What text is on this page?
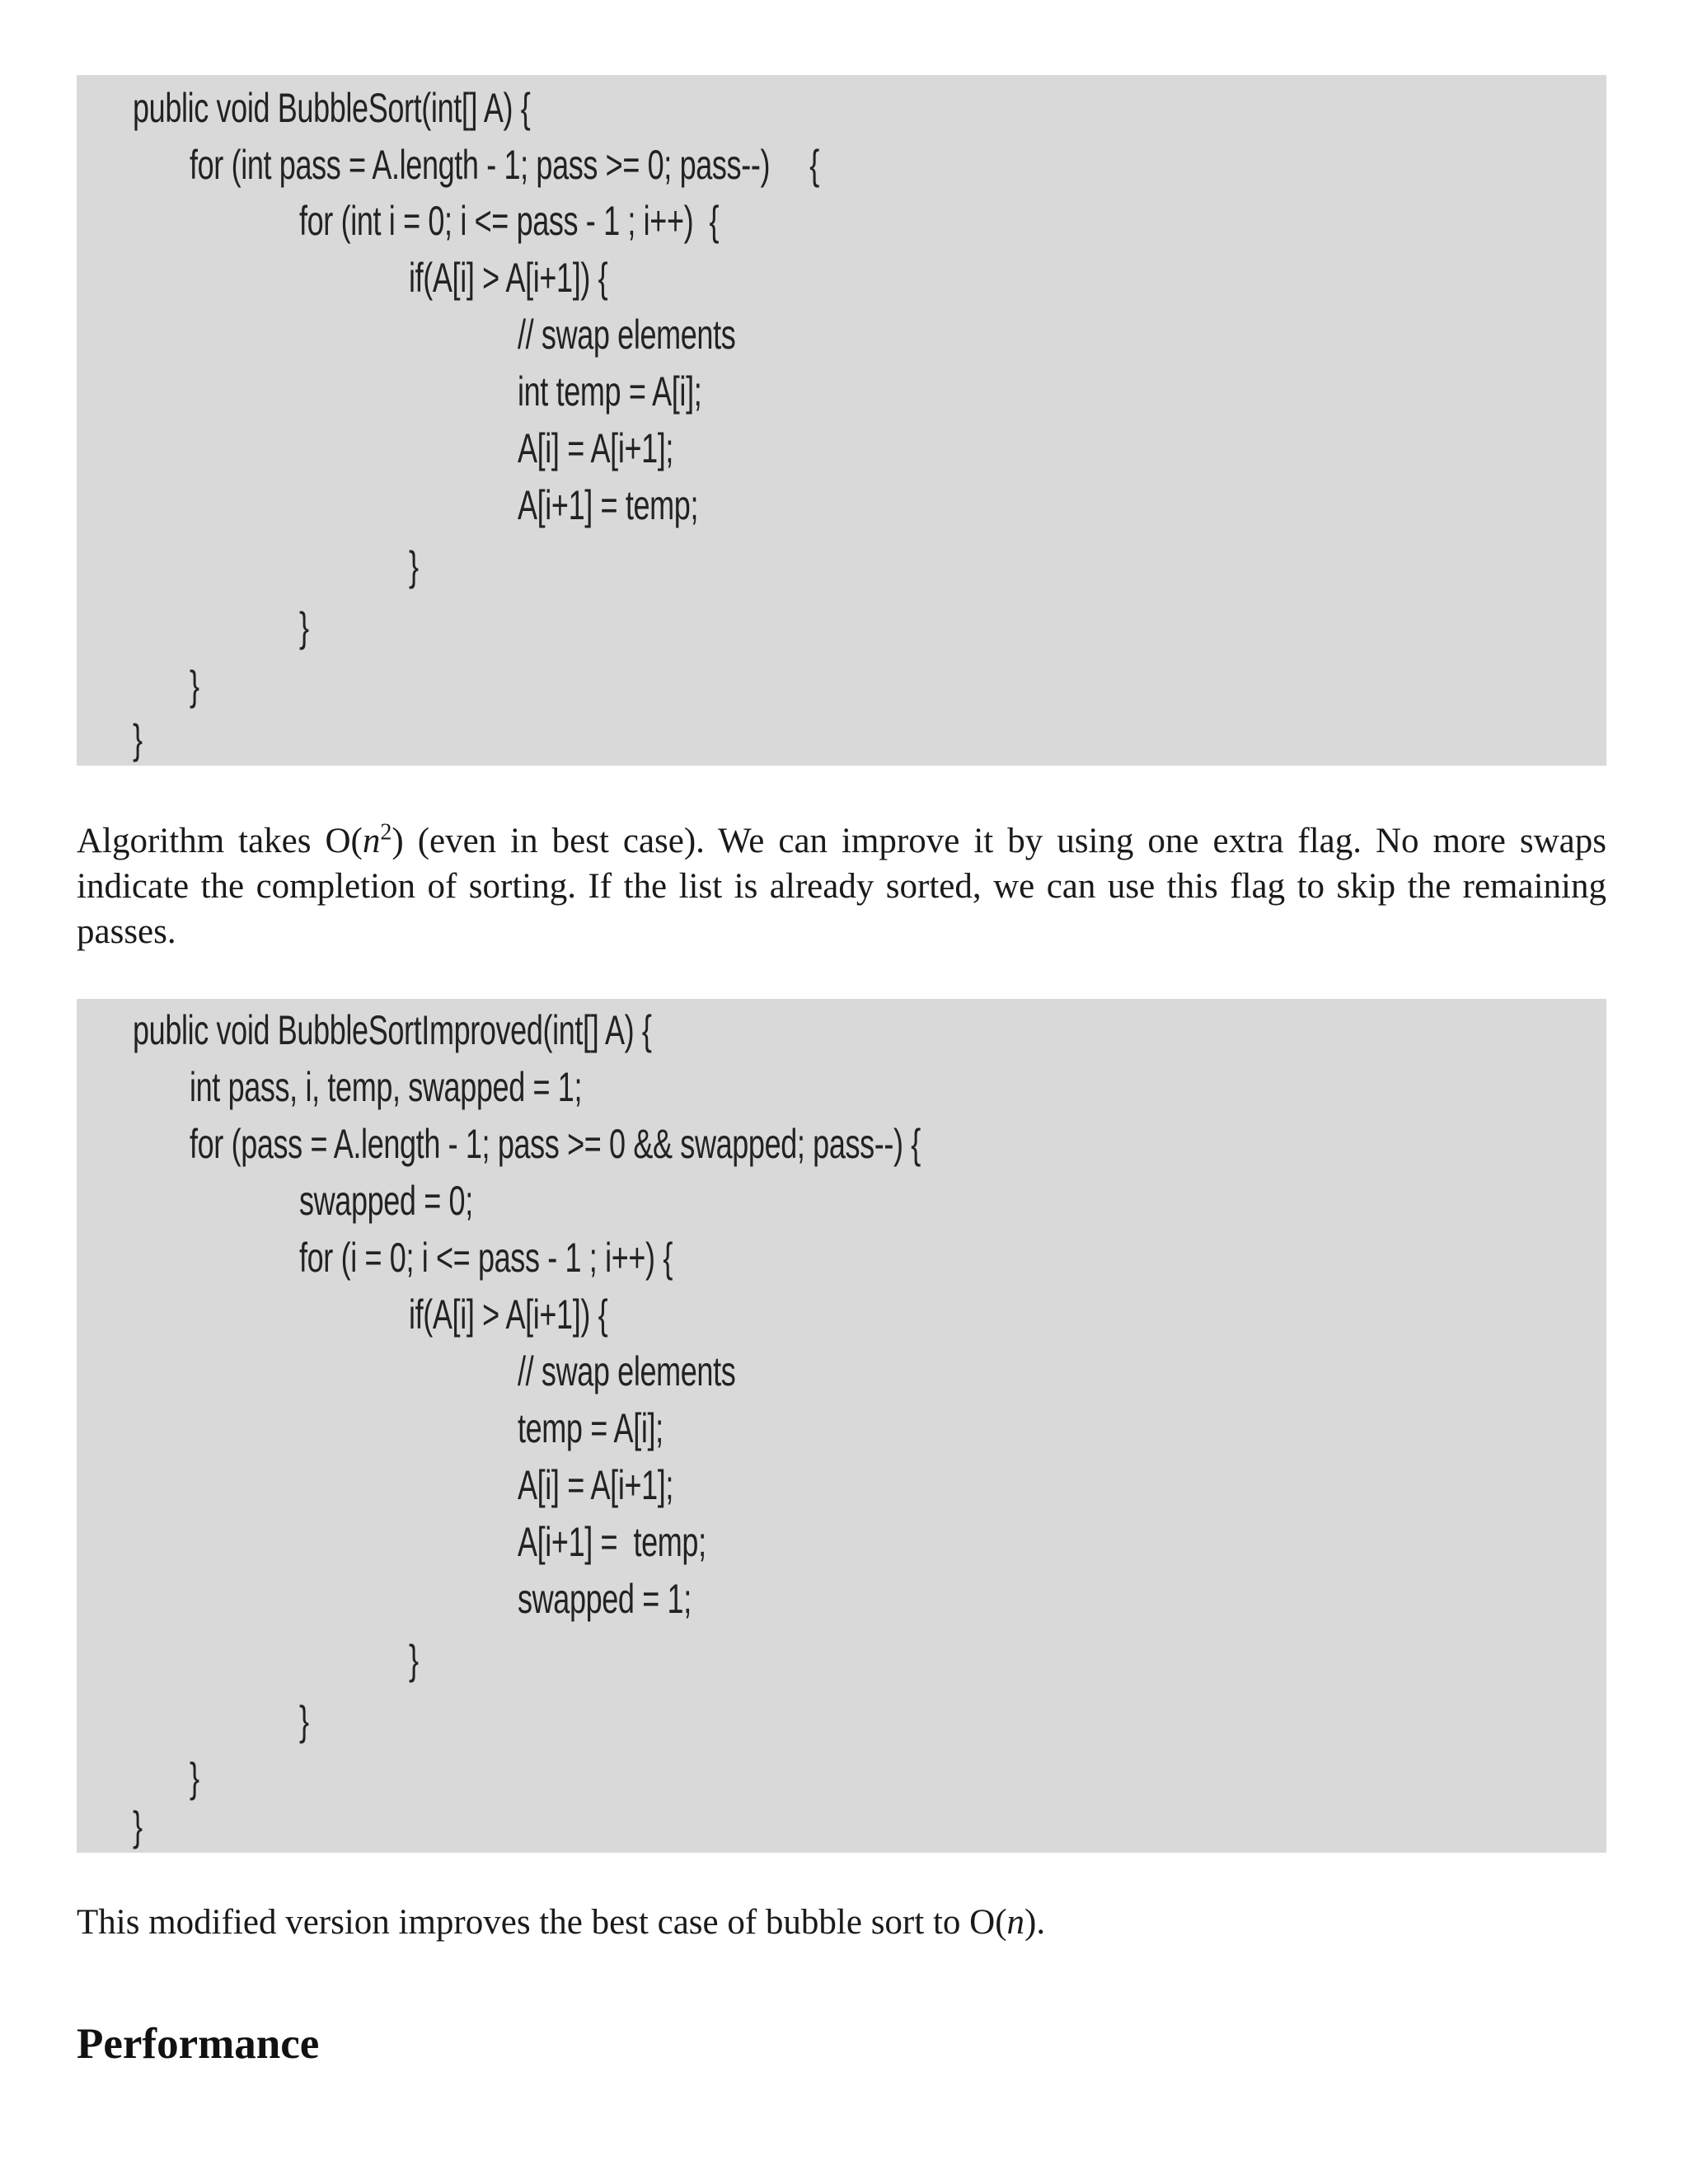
public void BubbleSort(int[] A) {
for (int pass = A.length - 1; pass >= 0; pass--)     {
for (int i = 0; i <= pass - 1 ; i++)  {
if(A[i] > A[i+1]) {
// swap elements
int temp = A[i];
A[i] = A[i+1];
A[i+1] = temp;
}
}
}
}
Algorithm takes $O(n^2)$ (even in best case). We can improve it by using one extra flag. No more swaps indicate the completion of sorting. If the list is already sorted, we can use this flag to skip the remaining passes.
public void BubbleSortImproved(int[] A) {
int pass, i, temp, swapped = 1;
for (pass = A.length - 1; pass >= 0 && swapped; pass--) {
swapped = 0;
for (i = 0; i <= pass - 1 ; i++) {
if(A[i] > A[i+1]) {
// swap elements
temp = A[i];
A[i] = A[i+1];
A[i+1] =  temp;
swapped = 1;
}
}
}
}
This modified version improves the best case of bubble sort to O(n).
Performance
